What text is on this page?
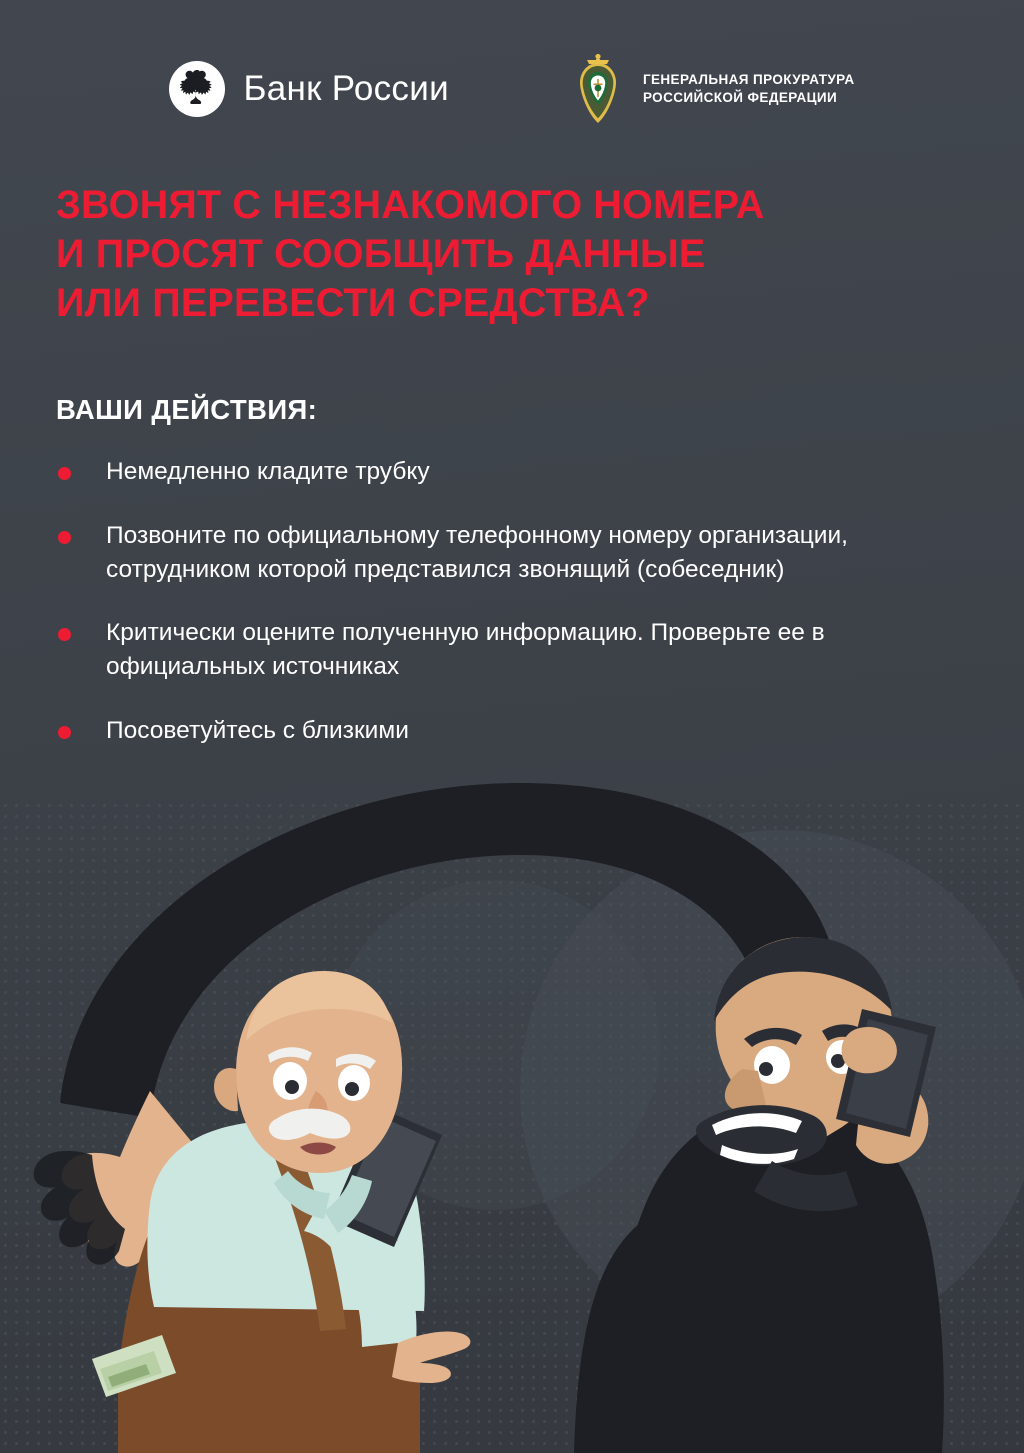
Банк России	ГЕНЕРАЛЬНАЯ ПРОКУРАТУРА
РОССИЙСКОЙ ФЕДЕРАЦИИ
ЗВОНЯТ С НЕЗНАКОМОГО НОМЕРА
И ПРОСЯТ СООБЩИТЬ ДАННЫЕ
ИЛИ ПЕРЕВЕСТИ СРЕДСТВА?
ВАШИ ДЕЙСТВИЯ:
Немедленно кладите трубку
Позвоните по официальному телефонному номеру организации, сотрудником которой представился звонящий (собеседник)
Критически оцените полученную информацию. Проверьте ее в официальных источниках
Посоветуйтесь с близкими
